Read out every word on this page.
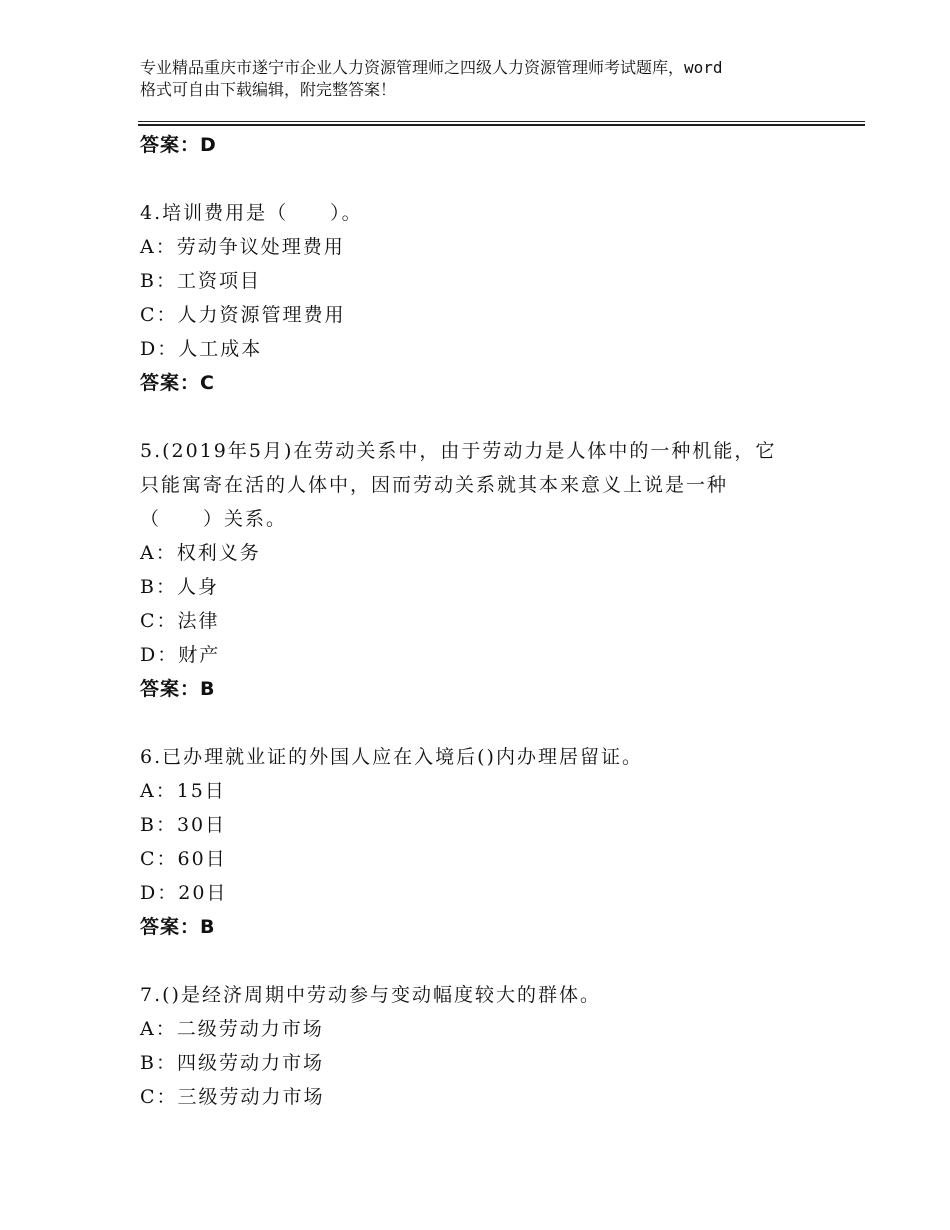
专业精品重庆市遂宁市企业人力资源管理师之四级人力资源管理师考试题库，word
格式可自由下载编辑，附完整答案！
答案：D
4.培训费用是（　　）。
A：劳动争议处理费用
B：工资项目
C：人力资源管理费用
D：人工成本
答案：C
5.(2019年5月)在劳动关系中，由于劳动力是人体中的一种机能，它
只能寓寄在活的人体中，因而劳动关系就其本来意义上说是一种
（　　）关系。
A：权利义务
B：人身
C：法律
D：财产
答案：B
6.已办理就业证的外国人应在入境后()内办理居留证。
A：15日
B：30日
C：60日
D：20日
答案：B
7.()是经济周期中劳动参与变动幅度较大的群体。
A：二级劳动力市场
B：四级劳动力市场
C：三级劳动力市场
